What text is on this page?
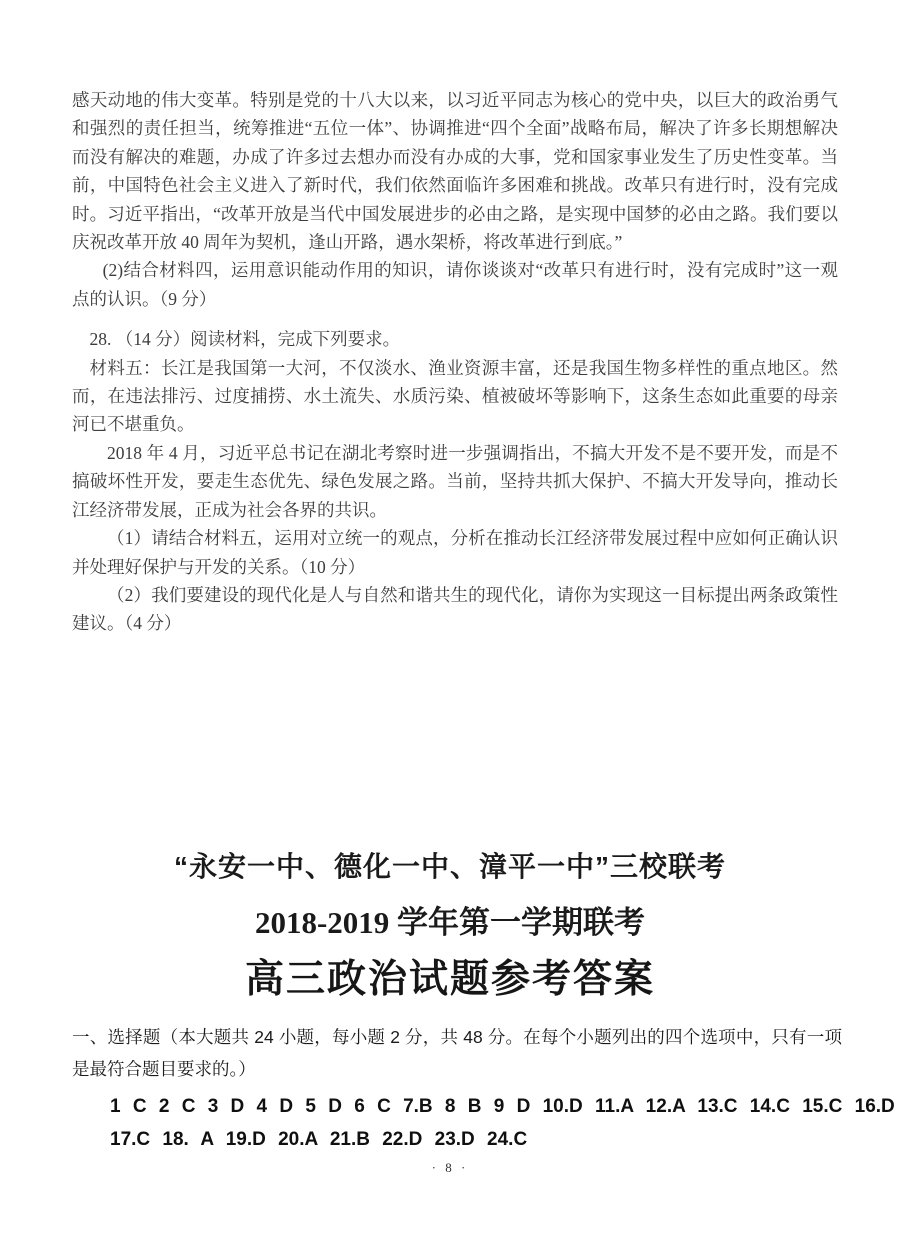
感天动地的伟大变革。特别是党的十八大以来，以习近平同志为核心的党中央，以巨大的政治勇气和强烈的责任担当，统筹推进“五位一体”、协调推进“四个全面”战略布局，解决了许多长期想解决而没有解决的难题，办成了许多过去想办而没有办成的大事，党和国家事业发生了历史性变革。当前，中国特色社会主义进入了新时代，我们依然面临许多困难和挑战。改革只有进行时，没有完成时。习近平指出，“改革开放是当代中国发展进步的必由之路，是实现中国梦的必由之路。我们要以庆祝改革开放 40 周年为契机，逢山开路，遇水架桥，将改革进行到底。”

(2)结合材料四，运用意识能动作用的知识，请你谈谈对“改革只有进行时，没有完成时”这一观点的认识。（9 分）

28. （14 分）阅读材料，完成下列要求。

材料五：长江是我国第一大河，不仅淡水、渔业资源丰富，还是我国生物多样性的重点地区。然而，在违法排污、过度捕捞、水土流失、水质污染、植被破坏等影响下，这条生态如此重要的母亲河已不堪重负。

2018 年 4 月，习近平总书记在湖北考察时进一步强调指出，不搞大开发不是不要开发，而是不搞破坏性开发，要走生态优先、绿色发展之路。当前，坚持共抓大保护、不搞大开发导向，推动长江经济带发展，正成为社会各界的共识。

（1）请结合材料五，运用对立统一的观点，分析在推动长江经济带发展过程中应如何正确认识并处理好保护与开发的关系。（10 分）

（2）我们要建设的现代化是人与自然和谐共生的现代化，请你为实现这一目标提出两条政策性建议。（4 分）

“永安一中、德化一中、漳平一中”三校联考
2018-2019 学年第一学期联考
高三政治试题参考答案
一、选择题（本大题共 24 小题，每小题 2 分，共 48 分。在每个小题列出的四个选项中，只有一项是最符合题目要求的。）

1 C 2 C 3 D 4 D 5 D 6 C 7.B 8 B 9 D 10.D 11.A 12.A 13.C 14.C 15.C 16.D

17.C 18. A 19.D 20.A 21.B 22.D 23.D 24.C

· 8 ·
